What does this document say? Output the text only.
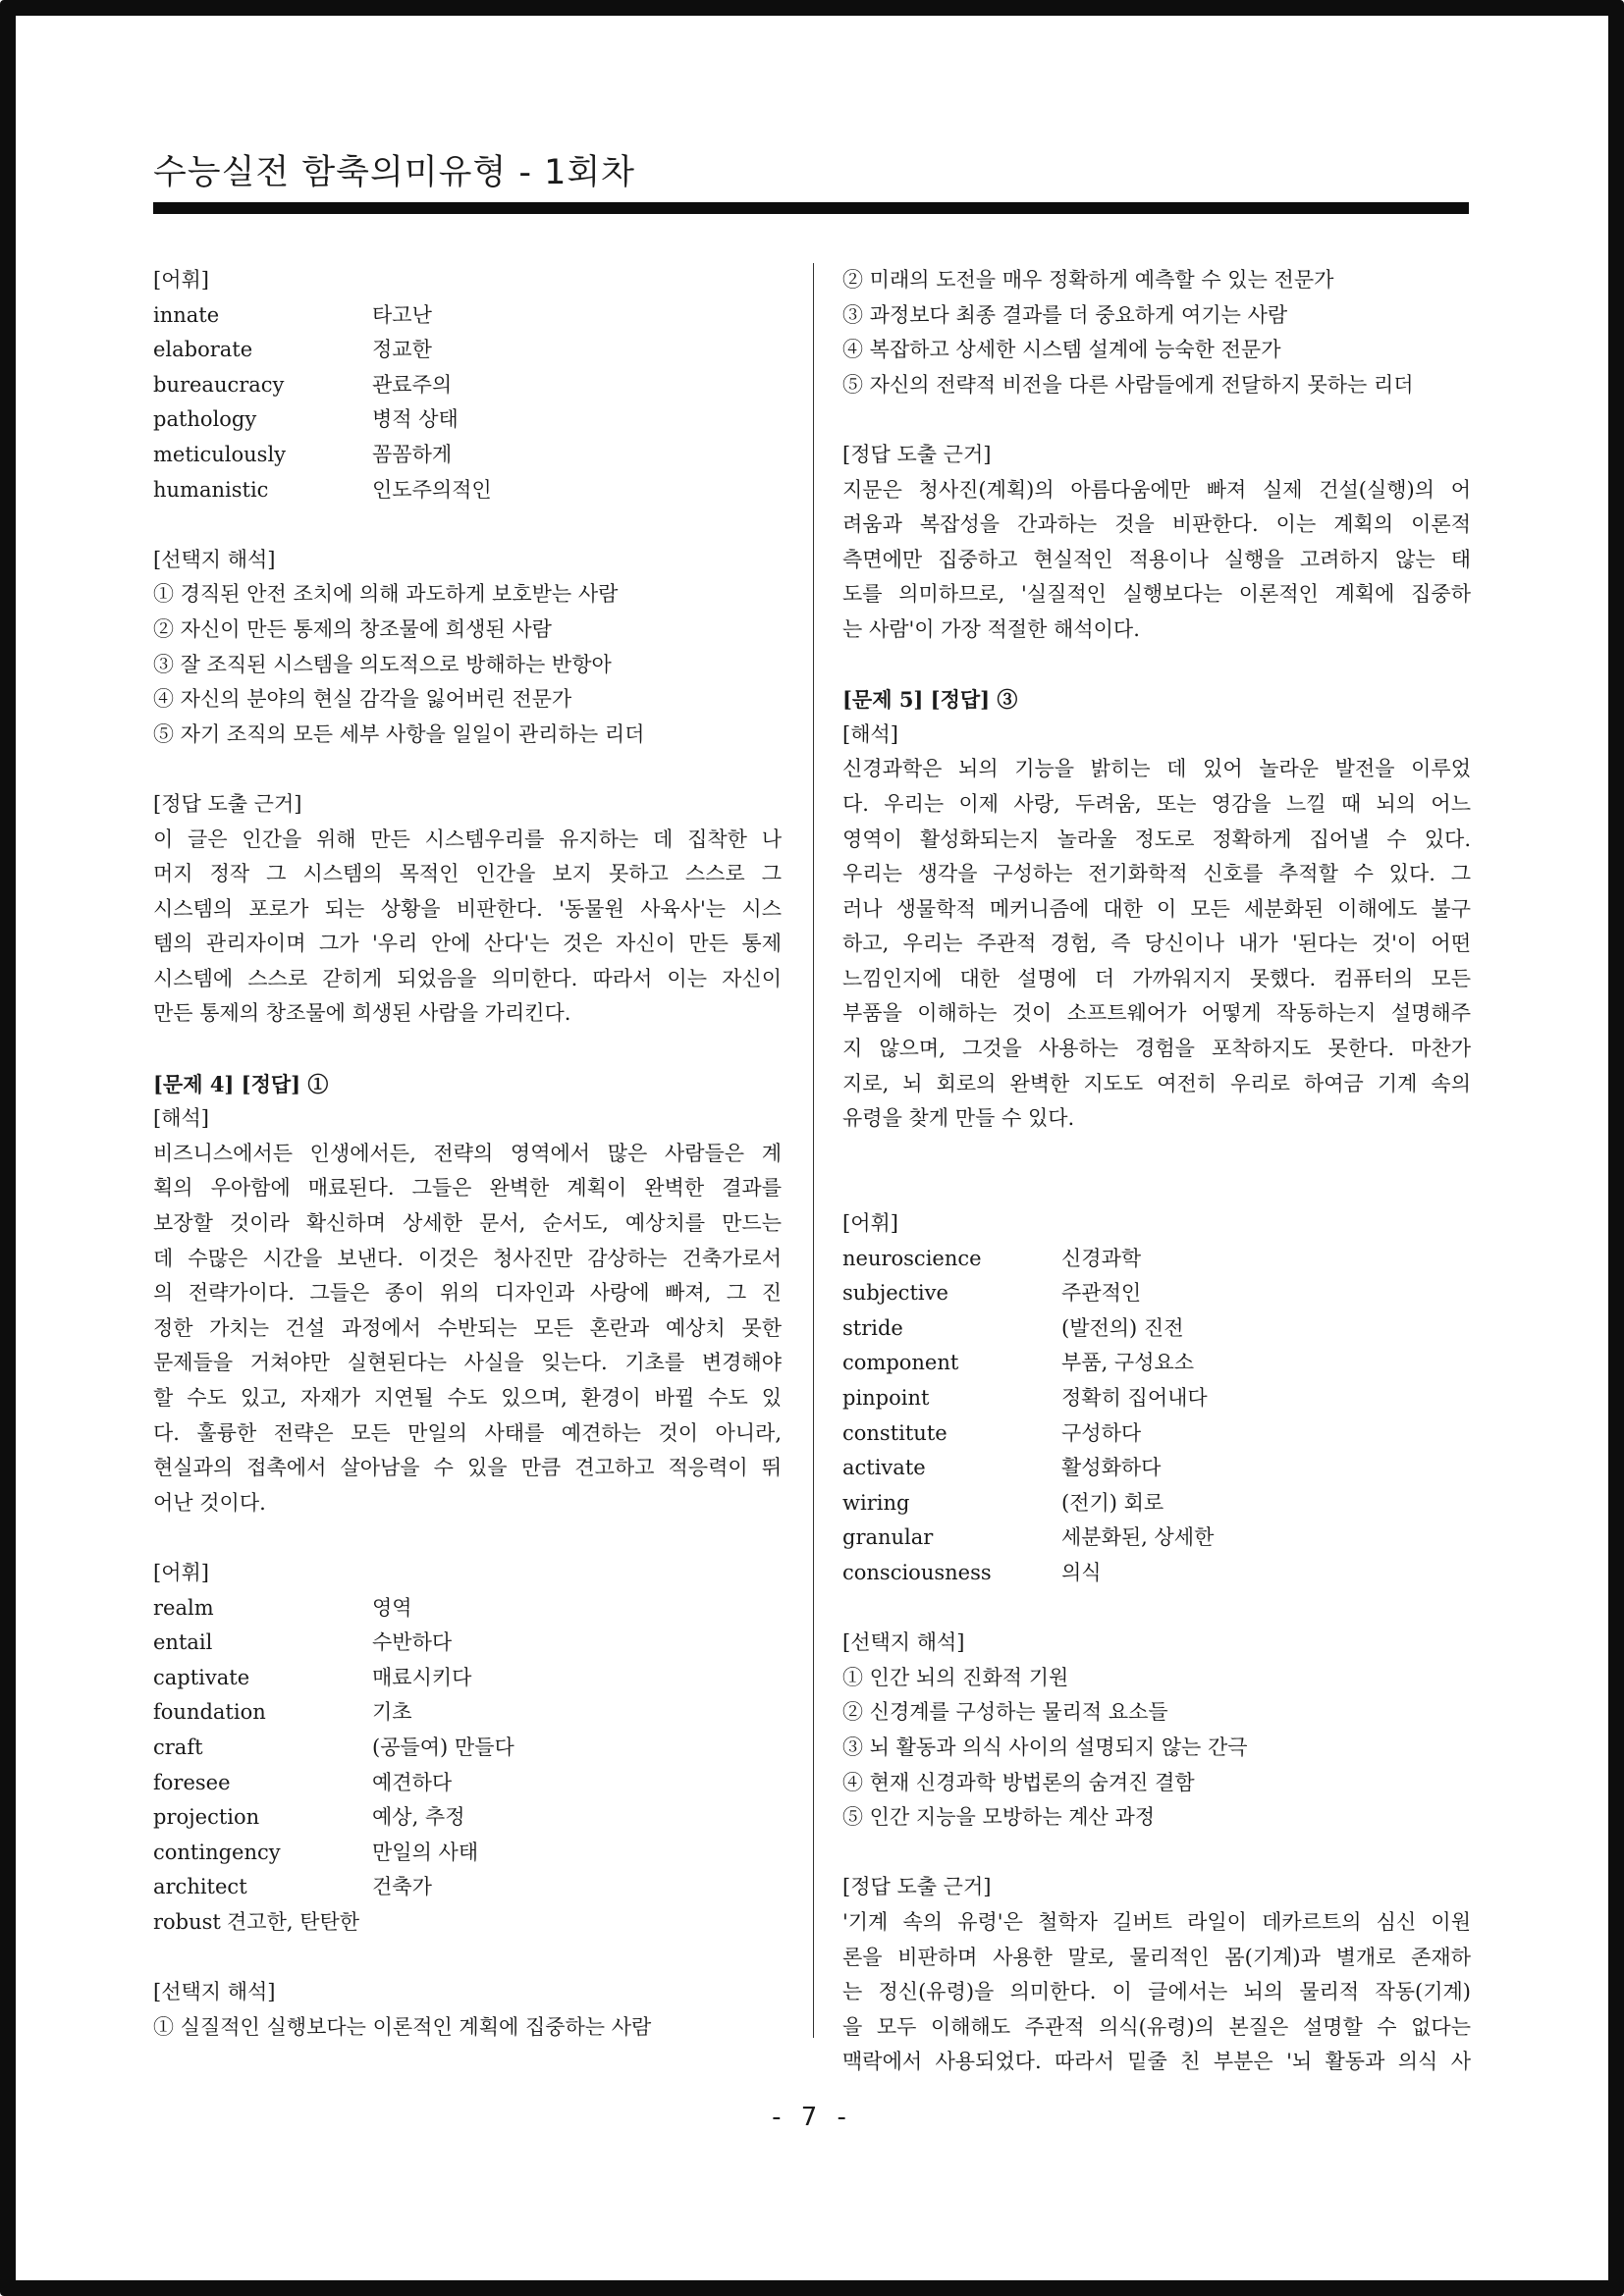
수능실전 함축의미유형 - 1회차
[어휘]
innate	타고난
elaborate	정교한
bureaucracy	관료주의
pathology	병적 상태
meticulously	꼼꼼하게
humanistic	인도주의적인
[선택지 해석]
① 경직된 안전 조치에 의해 과도하게 보호받는 사람
② 자신이 만든 통제의 창조물에 희생된 사람
③ 잘 조직된 시스템을 의도적으로 방해하는 반항아
④ 자신의 분야의 현실 감각을 잃어버린 전문가
⑤ 자기 조직의 모든 세부 사항을 일일이 관리하는 리더
[정답 도출 근거]
이 글은 인간을 위해 만든 시스템우리를 유지하는 데 집착한 나
머지 정작 그 시스템의 목적인 인간을 보지 못하고 스스로 그
시스템의 포로가 되는 상황을 비판한다. '동물원 사육사'는 시스
템의 관리자이며 그가 '우리 안에 산다'는 것은 자신이 만든 통제
시스템에 스스로 갇히게 되었음을 의미한다. 따라서 이는 자신이
만든 통제의 창조물에 희생된 사람을 가리킨다.
[문제 4] [정답] ①
[해석]
비즈니스에서든 인생에서든, 전략의 영역에서 많은 사람들은 계
획의 우아함에 매료된다. 그들은 완벽한 계획이 완벽한 결과를
보장할 것이라 확신하며 상세한 문서, 순서도, 예상치를 만드는
데 수많은 시간을 보낸다. 이것은 청사진만 감상하는 건축가로서
의 전략가이다. 그들은 종이 위의 디자인과 사랑에 빠져, 그 진
정한 가치는 건설 과정에서 수반되는 모든 혼란과 예상치 못한
문제들을 거쳐야만 실현된다는 사실을 잊는다. 기초를 변경해야
할 수도 있고, 자재가 지연될 수도 있으며, 환경이 바뀔 수도 있
다. 훌륭한 전략은 모든 만일의 사태를 예견하는 것이 아니라,
현실과의 접촉에서 살아남을 수 있을 만큼 견고하고 적응력이 뛰
어난 것이다.
[어휘]
realm	영역
entail	수반하다
captivate	매료시키다
foundation	기초
craft	(공들여) 만들다
foresee	예견하다
projection	예상, 추정
contingency	만일의 사태
architect	건축가
robust 견고한, 탄탄한
[선택지 해석]
① 실질적인 실행보다는 이론적인 계획에 집중하는 사람
② 미래의 도전을 매우 정확하게 예측할 수 있는 전문가
③ 과정보다 최종 결과를 더 중요하게 여기는 사람
④ 복잡하고 상세한 시스템 설계에 능숙한 전문가
⑤ 자신의 전략적 비전을 다른 사람들에게 전달하지 못하는 리더
[정답 도출 근거]
지문은 청사진(계획)의 아름다움에만 빠져 실제 건설(실행)의 어
려움과 복잡성을 간과하는 것을 비판한다. 이는 계획의 이론적
측면에만 집중하고 현실적인 적용이나 실행을 고려하지 않는 태
도를 의미하므로, '실질적인 실행보다는 이론적인 계획에 집중하
는 사람'이 가장 적절한 해석이다.
[문제 5] [정답] ③
[해석]
신경과학은 뇌의 기능을 밝히는 데 있어 놀라운 발전을 이루었
다. 우리는 이제 사랑, 두려움, 또는 영감을 느낄 때 뇌의 어느
영역이 활성화되는지 놀라울 정도로 정확하게 집어낼 수 있다.
우리는 생각을 구성하는 전기화학적 신호를 추적할 수 있다. 그
러나 생물학적 메커니즘에 대한 이 모든 세분화된 이해에도 불구
하고, 우리는 주관적 경험, 즉 당신이나 내가 '된다는 것'이 어떤
느낌인지에 대한 설명에 더 가까워지지 못했다. 컴퓨터의 모든
부품을 이해하는 것이 소프트웨어가 어떻게 작동하는지 설명해주
지 않으며, 그것을 사용하는 경험을 포착하지도 못한다. 마찬가
지로, 뇌 회로의 완벽한 지도도 여전히 우리로 하여금 기계 속의
유령을 찾게 만들 수 있다.
[어휘]
neuroscience	신경과학
subjective	주관적인
stride	(발전의) 진전
component	부품, 구성요소
pinpoint	정확히 집어내다
constitute	구성하다
activate	활성화하다
wiring	(전기) 회로
granular	세분화된, 상세한
consciousness	의식
[선택지 해석]
① 인간 뇌의 진화적 기원
② 신경계를 구성하는 물리적 요소들
③ 뇌 활동과 의식 사이의 설명되지 않는 간극
④ 현재 신경과학 방법론의 숨겨진 결함
⑤ 인간 지능을 모방하는 계산 과정
[정답 도출 근거]
'기계 속의 유령'은 철학자 길버트 라일이 데카르트의 심신 이원
론을 비판하며 사용한 말로, 물리적인 몸(기계)과 별개로 존재하
는 정신(유령)을 의미한다. 이 글에서는 뇌의 물리적 작동(기계)
을 모두 이해해도 주관적 의식(유령)의 본질은 설명할 수 없다는
맥락에서 사용되었다. 따라서 밑줄 친 부분은 '뇌 활동과 의식 사
- 7 -
